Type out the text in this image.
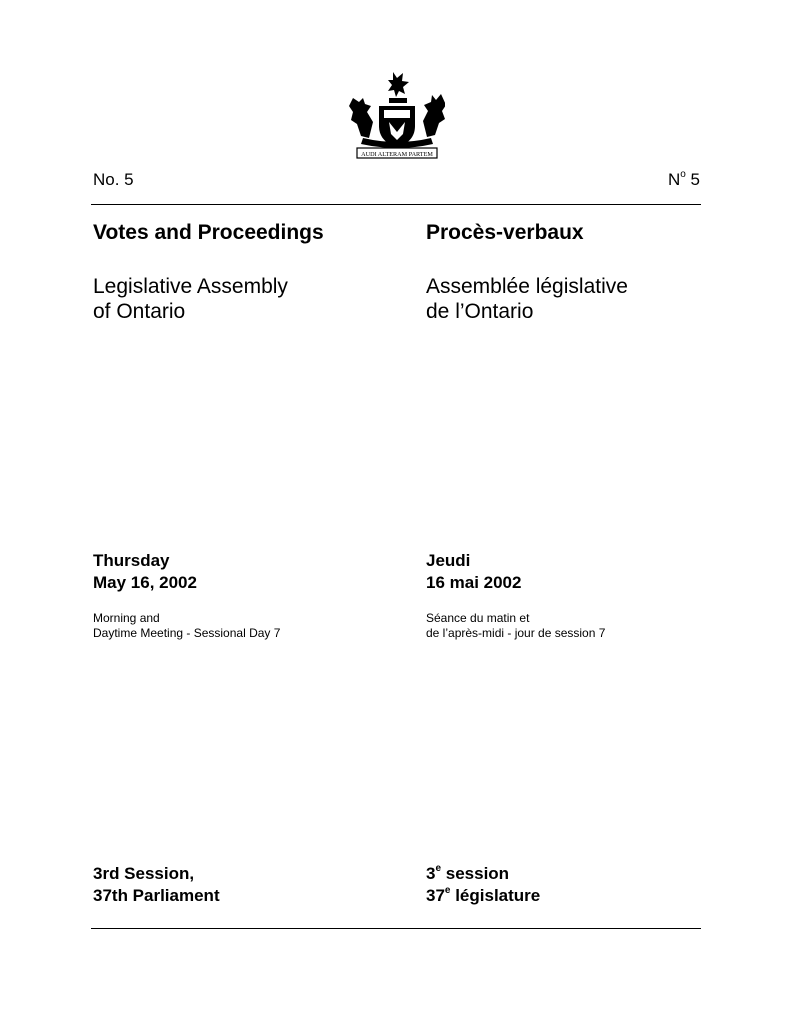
AUDI ALTERAM PARTEM
No. 5	$N^o$ 5
Votes and Proceedings	Procès-verbaux
Legislative Assembly
of Ontario
Assemblée législative
de l’Ontario
Thursday
May 16, 2002
Jeudi
16 mai 2002
Morning and
Daytime Meeting - Sessional Day 7
Séance du matin et
de l’après-midi - jour de session 7
3rd Session,
37th Parliament
3e session
37e législature
